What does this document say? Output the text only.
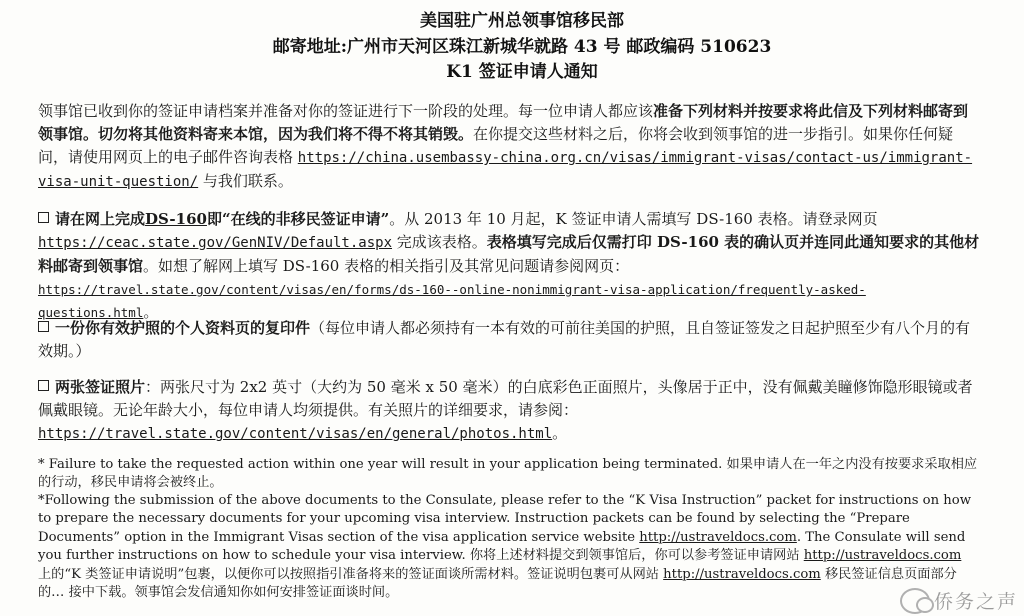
美国驻广州总领事馆移民部
邮寄地址:广州市天河区珠江新城华就路 43 号 邮政编码 510623
K1 签证申请人通知
领事馆已收到你的签证申请档案并准备对你的签证进行下一阶段的处理。每一位申请人都应该准备下列材料并按要求将此信及下列材料邮寄到领事馆。切勿将其他资料寄来本馆，因为我们将不得不将其销毁。在你提交这些材料之后，你将会收到领事馆的进一步指引。如果你任何疑问，请使用网页上的电子邮件咨询表格 https://china.usembassy-china.org.cn/visas/immigrant-visas/contact-us/immigrant-visa-unit-question/ 与我们联系。
请在网上完成DS-160即“在线的非移民签证申请”。从 2013 年 10 月起，K 签证申请人需填写 DS-160 表格。请登录网页 https://ceac.state.gov/GenNIV/Default.aspx 完成该表格。表格填写完成后仅需打印 DS-160 表的确认页并连同此通知要求的其他材料邮寄到领事馆。如想了解网上填写 DS-160 表格的相关指引及其常见问题请参阅网页：https://travel.state.gov/content/visas/en/forms/ds-160--online-nonimmigrant-visa-application/frequently-asked-questions.html。
一份你有效护照的个人资料页的复印件（每位申请人都必须持有一本有效的可前往美国的护照，且自签证签发之日起护照至少有八个月的有效期。）
两张签证照片：两张尺寸为 2x2 英寸（大约为 50 毫米 x 50 毫米）的白底彩色正面照片，头像居于正中，没有佩戴美瞳修饰隐形眼镜或者佩戴眼镜。无论年龄大小，每位申请人均须提供。有关照片的详细要求，请参阅：https://travel.state.gov/content/visas/en/general/photos.html。
* Failure to take the requested action within one year will result in your application being terminated. 如果申请人在一年之内没有按要求采取相应的行动，移民申请将会被终止。
*Following the submission of the above documents to the Consulate, please refer to the “K Visa Instruction” packet for instructions on how to prepare the necessary documents for your upcoming visa interview. Instruction packets can be found by selecting the “Prepare Documents” option in the Immigrant Visas section of the visa application service website http://ustraveldocs.com. The Consulate will send you further instructions on how to schedule your visa interview. 你将上述材料提交到领事馆后，你可以参考签证申请网站 http://ustraveldocs.com 上的“K 类签证申请说明”包裹，以便你可以按照指引准备将来的签证面谈所需材料。签证说明包裹可从网站 http://ustraveldocs.com 移民签证信息页面部分的… 接中下载。领事馆会发信通知你如何安排签证面谈时间。	侨务之声
